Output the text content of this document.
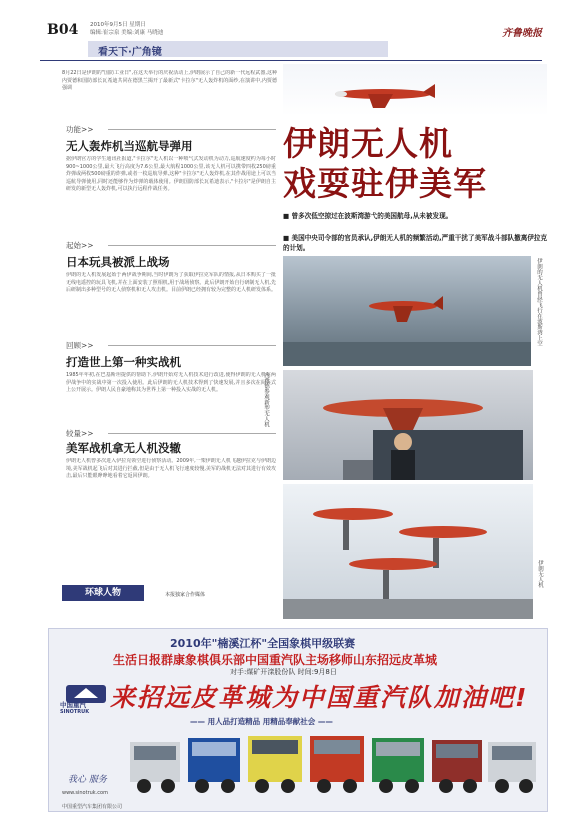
B04 2010年9月5日 星期日
编辑:崔宗泉 美编:刘康 马晓迪	齐鲁晚报
看天下·广角镜
8月22日是伊朗的"国防工业日",在这天举行的庆祝活动上,伊朗展示了自己的新一代远程武器,这种内贾德和国防部长瓦希迪共同在德黑兰揭开了最新式"卡拉尔"无人轰炸机的面纱,在演讲中,内贾德强调
功能>>
无人轰炸机当巡航导弹用
据伊朗官方的学生通讯社报道,"卡拉尔"无人机以一种喷气式发动机为动力,巡航速度约为每小时900~1000公里,最大飞行高度为7.6公里,最大航程1000公里,该无人机可以携带四枚250磅重炸弹或两枚500磅重的炸弹,或者一枚巡航导弹,这种"卡拉尔"无人轰炸机,在其作战用途上可以当巡航导弹使用,同时还能够作为炸弹的载体使用。伊朗国防部长瓦希迪表示,"卡拉尔"是伊朗自主研发的新型无人轰炸机,可以执行远程作战任务。
起始>>
日本玩具被派上战场
伊朗的无人机发展起始于两伊战争期间,当时伊朗为了获取伊拉克军队的情报,从日本购买了一批无线电遥控的玩具飞机,并在上面安装了照相机,用于战场侦察。此后伊朗开始自行研制无人机,先后研制出多种型号的无人侦察机和无人攻击机。目前伊朗已经拥有较为完整的无人机研发体系。
回顾>>
打造世上第一种实战机
1985年年初,在巴基斯坦提供的帮助下,伊朗开始对无人机技术进行改进,使得伊朗的无人机在两伊战争中的实战中第一次投入使用。此后伊朗的无人机技术得到了快速发展,并且多次在阅兵式上公开展示。伊朗人民自豪地称其为世界上第一种投入实战的无人机。
较量>>
美军战机拿无人机没辙
伊朗无人机曾多次进入伊拉克领空进行侦察活动。2009年,一架伊朗无人机飞越伊拉克与伊朗边境,美军战机起飞后对其进行拦截,但是由于无人机飞行速度较慢,美军的战机无法对其进行有效攻击,最后只能眼睁睁地看着它返回伊朗。
环球人物	本报独家合作媒体
伊朗无人机
戏耍驻伊美军
■ 曾多次低空掠过在波斯湾游弋的美国航母,从未被发现。
■ 美国中央司令部的官员承认,伊朗无人机的频繁活动,严重干扰了美军战斗部队撤离伊拉克的计划。
伊朗的无人机曾经飞行在波斯湾上空
内贾德参观新型无人机
伊朗无人机
2010年"楠溪江杯"全国象棋甲级联赛
生活日报群康象棋俱乐部中国重汽队主场移师山东招远皮革城
对手:煤矿开滦股份队 时间:9月8日
来招远皮革城为中国重汽队加油吧!
—— 用人品打造精品 用精品奉献社会 ——
中国重汽
SINOTRUK
我心 服务
www.sinotruk.com
中国重型汽车集团有限公司
